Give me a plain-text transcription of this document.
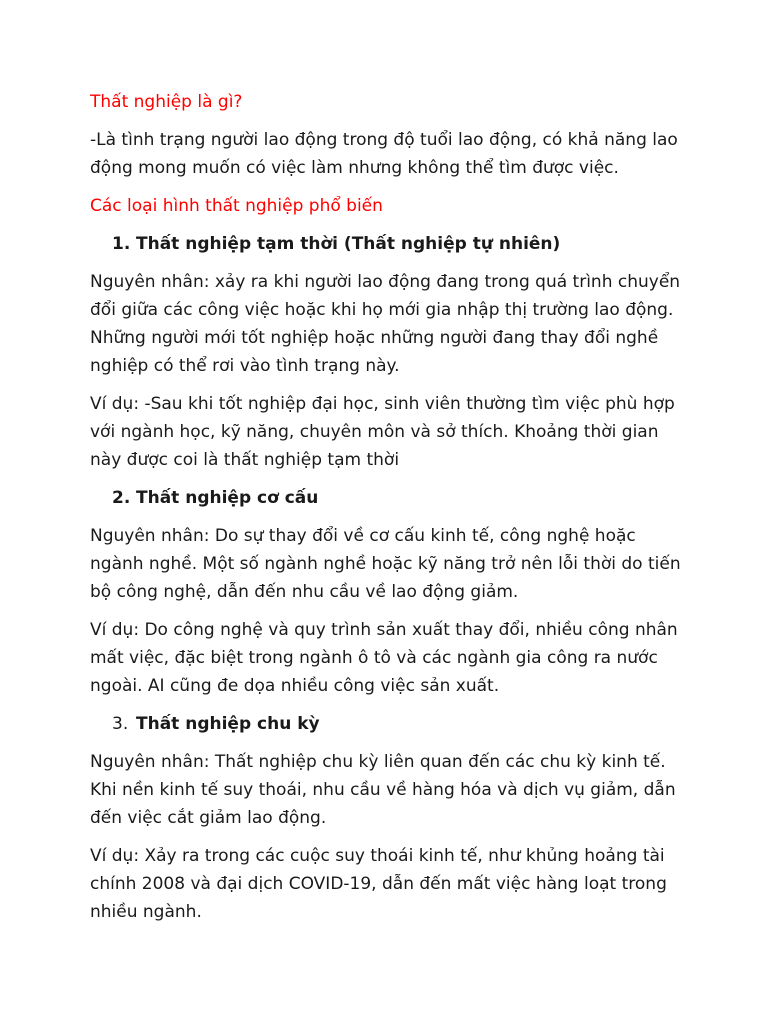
Thất nghiệp là gì?

-Là tình trạng người lao động trong độ tuổi lao động, có khả năng lao động mong muốn có việc làm nhưng không thể tìm được việc.

Các loại hình thất nghiệp phổ biến

1. Thất nghiệp tạm thời (Thất nghiệp tự nhiên)

Nguyên nhân: xảy ra khi người lao động đang trong quá trình chuyển đổi giữa các công việc hoặc khi họ mới gia nhập thị trường lao động. Những người mới tốt nghiệp hoặc những người đang thay đổi nghề nghiệp có thể rơi vào tình trạng này.

Ví dụ: -Sau khi tốt nghiệp đại học, sinh viên thường tìm việc phù hợp với ngành học, kỹ năng, chuyên môn và sở thích. Khoảng thời gian này được coi là thất nghiệp tạm thời

2. Thất nghiệp cơ cấu

Nguyên nhân: Do sự thay đổi về cơ cấu kinh tế, công nghệ hoặc ngành nghề. Một số ngành nghề hoặc kỹ năng trở nên lỗi thời do tiến bộ công nghệ, dẫn đến nhu cầu về lao động giảm.

Ví dụ: Do công nghệ và quy trình sản xuất thay đổi, nhiều công nhân mất việc, đặc biệt trong ngành ô tô và các ngành gia công ra nước ngoài. AI cũng đe dọa nhiều công việc sản xuất.

3. Thất nghiệp chu kỳ

Nguyên nhân: Thất nghiệp chu kỳ liên quan đến các chu kỳ kinh tế. Khi nền kinh tế suy thoái, nhu cầu về hàng hóa và dịch vụ giảm, dẫn đến việc cắt giảm lao động.

Ví dụ: Xảy ra trong các cuộc suy thoái kinh tế, như khủng hoảng tài chính 2008 và đại dịch COVID-19, dẫn đến mất việc hàng loạt trong nhiều ngành.
